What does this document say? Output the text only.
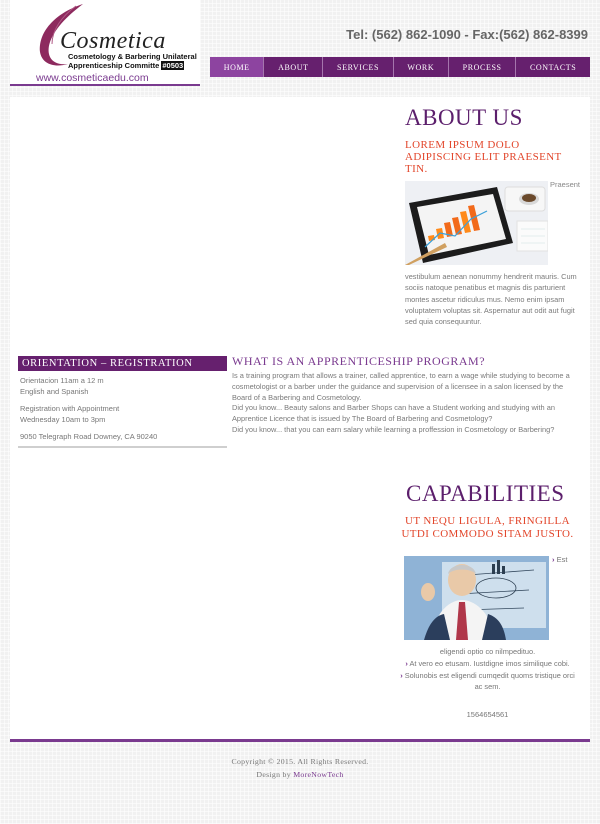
Cosmetica
Cosmetology & Barbering Unilateral
Apprenticeship Committe #0503
www.cosmeticaedu.com
Tel: (562) 862-1090 - Fax:(562) 862-8399
HOME	ABOUT	SERVICES	WORK	PROCESS	CONTACTS
ABOUT US
LOREM IPSUM DOLO ADIPISCING ELIT PRAESENT TIN.
Praesent
vestibulum aenean nonummy hendrerit mauris. Cum sociis natoque penatibus et magnis dis parturient montes ascetur ridiculus mus. Nemo enim ipsam voluptatem voluptas sit. Aspernatur aut odit aut fugit sed quia consequuntur.
ORIENTATION – REGISTRATION
Orientacion 11am a 12 m
English and Spanish
Registration with Appointment
Wednesday 10am to 3pm
9050 Telegraph Road Downey, CA 90240
WHAT IS AN APPRENTICESHIP PROGRAM?
Is a training program that allows a trainer, called apprentice, to earn a wage while studying to become a cosmetologist or a barber under the guidance and supervision of a licensee in a salon licensed by the Board of a Barbering and Cosmetology.
Did you know... Beauty salons and Barber Shops can have a Student working and studying with an Apprentice Licence that is issued by The Board of Barbering and Cosmetology?
Did you know... that you can earn salary while learning a proffession in Cosmetology or Barbering?
CAPABILITIES
UT NEQU LIGULA, FRINGILLA UTDI COMMODO SITAM JUSTO.
› Est
eligendi optio co nilmpedituo.
› At vero eo etusam. Iustdigne imos similique cobi.
› Solunobis est eligendi cumqedit quoms tristique orci ac sem.
1564654561
Copyright © 2015. All Rights Reserved.
Design by MoreNowTech
